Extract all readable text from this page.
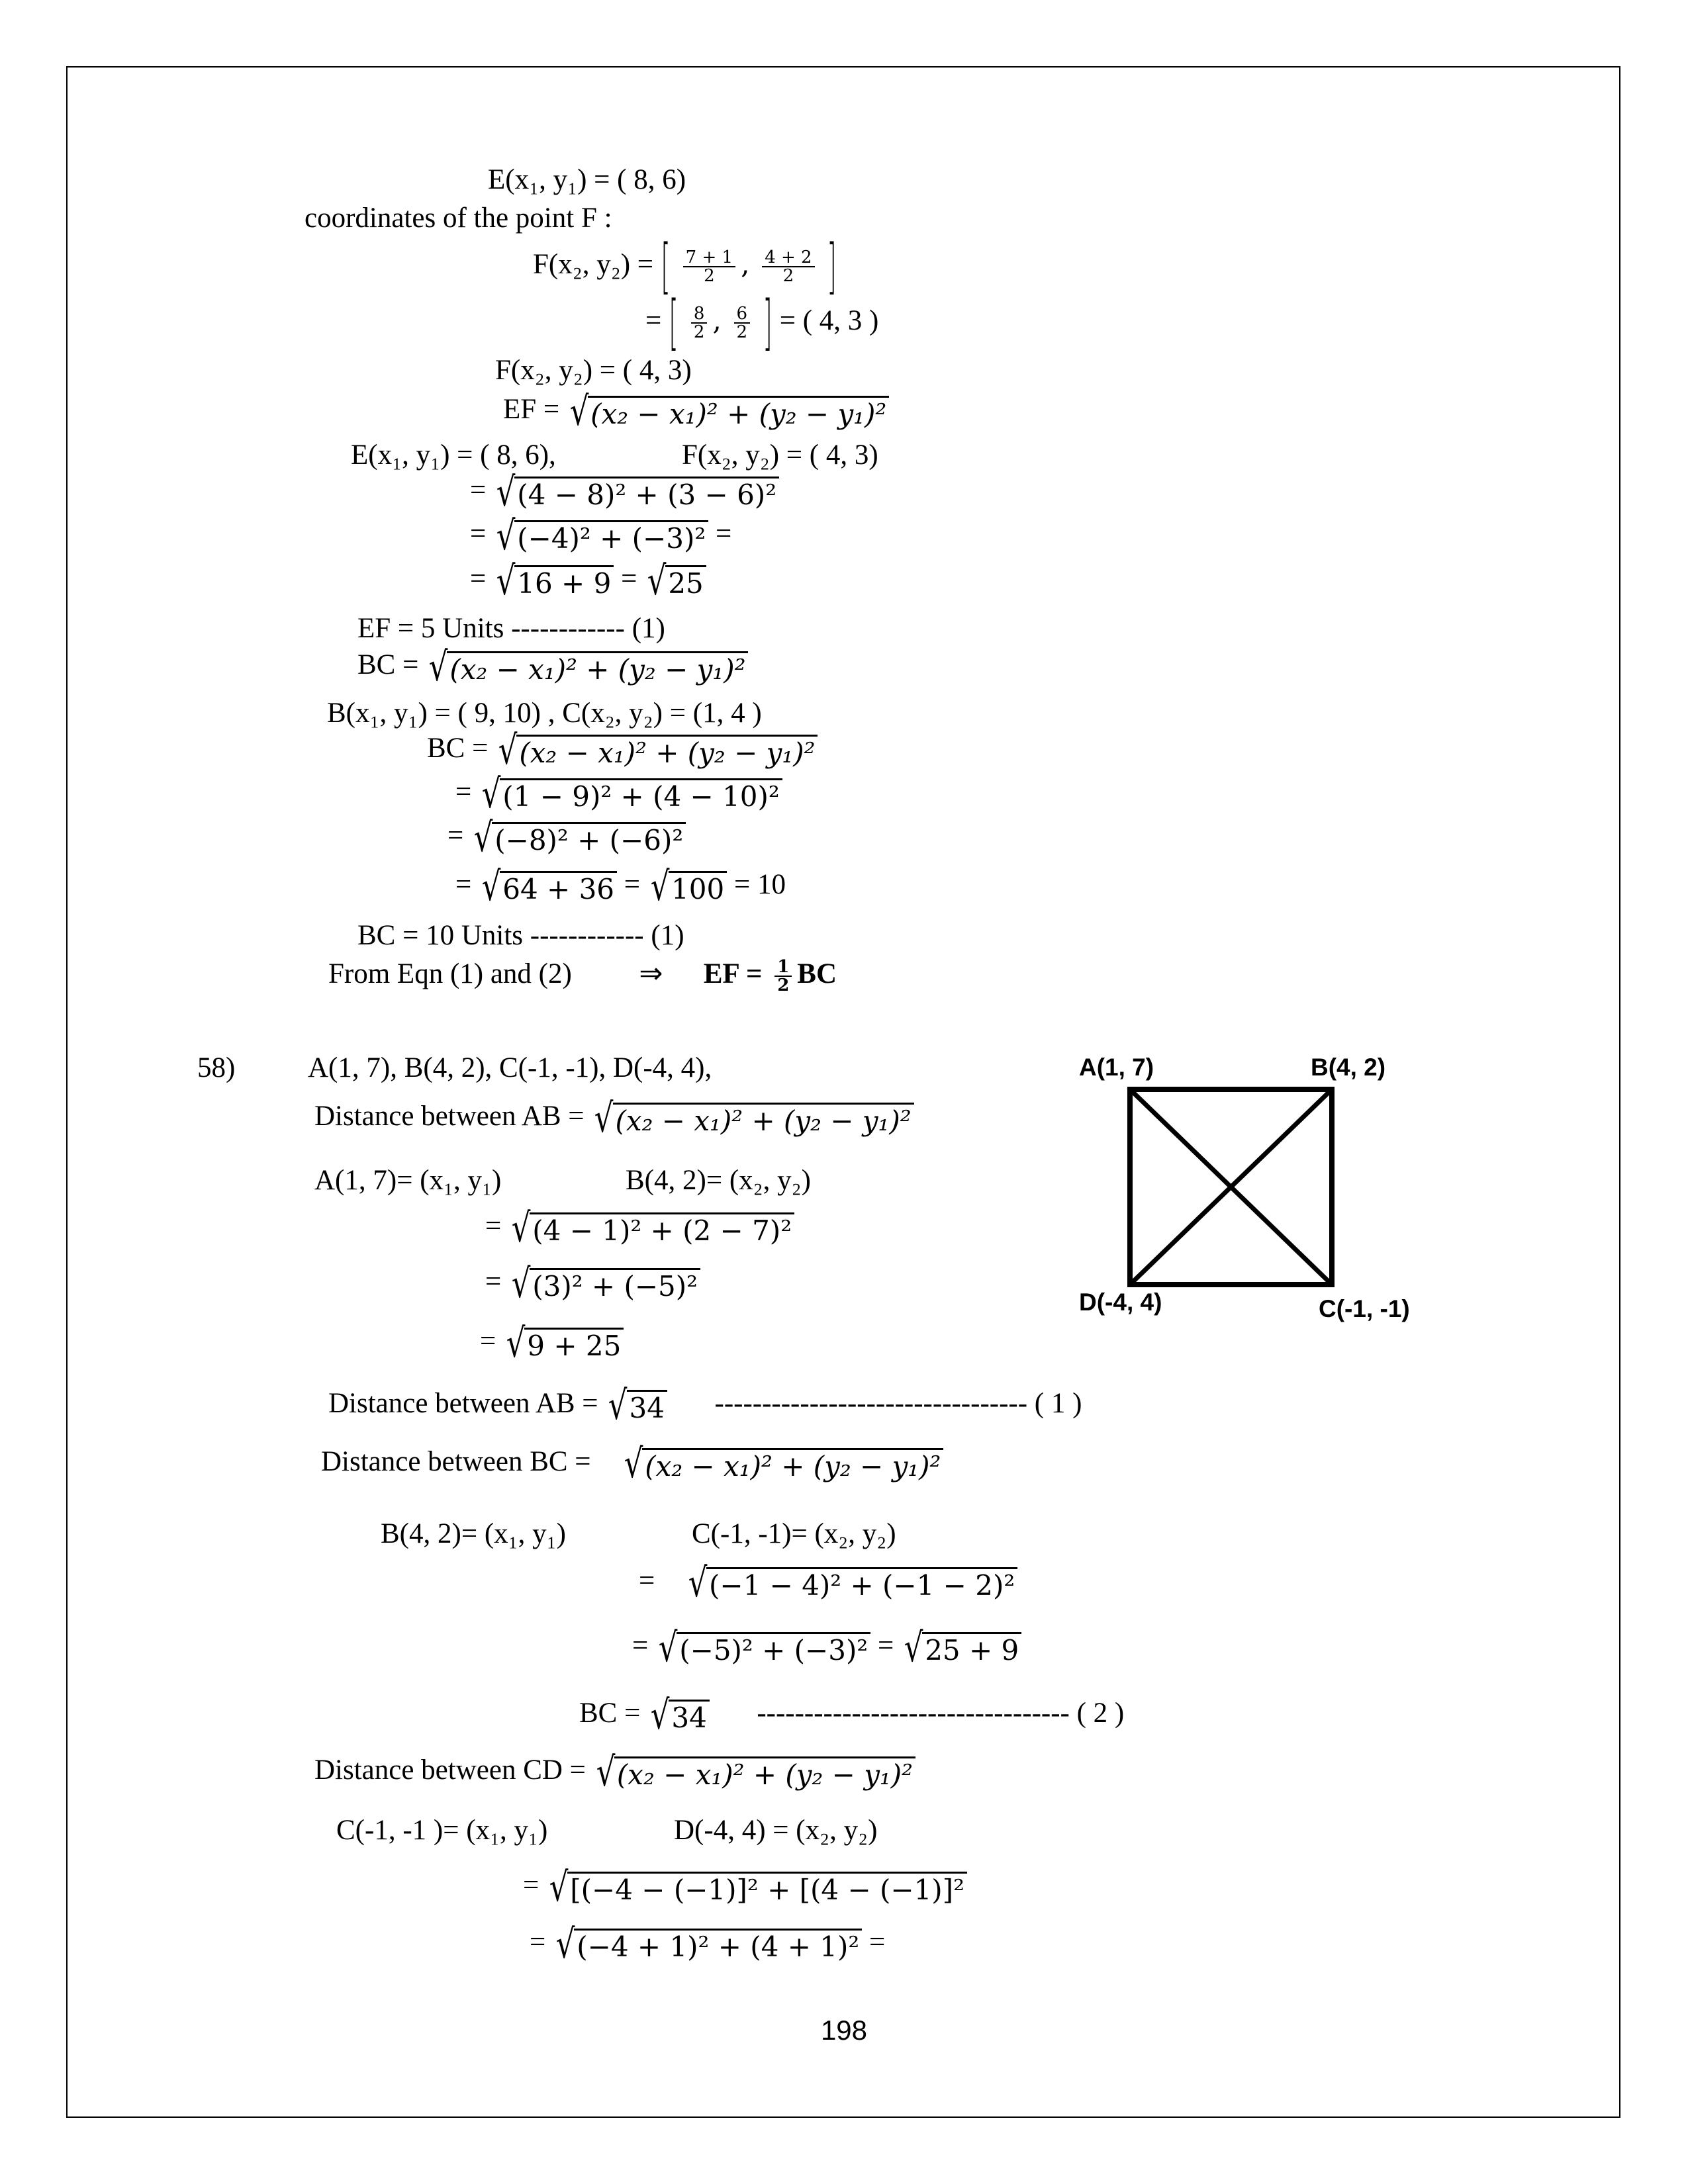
E(x₁, y₁) = ( 8, 6)
coordinates of the point F :
F(x₂, y₂) = [ $\frac{7 + 1}{2}$ , $\frac{4 + 2}{2}$ ]
= [ $\frac{8}{2}$ , $\frac{6}{2}$ ] = ( 4, 3 )
F(x₂, y₂) = ( 4, 3)
EF = √(x₂ − x₁)² + (y₂ − y₁)²
E(x₁, y₁) = ( 8, 6),	F(x₂, y₂) = ( 4, 3)
= √(4 − 8)² + (3 − 6)²
= √(−4)² + (−3)² =
= √16 + 9 = √25
EF = 5 Units ------------ (1)
BC = √(x₂ − x₁)² + (y₂ − y₁)²
B(x₁, y₁) = ( 9, 10) , C(x₂, y₂) = (1, 4 )
BC = √(x₂ − x₁)² + (y₂ − y₁)²
= √(1 − 9)² + (4 − 10)²
= √(−8)² + (−6)²
= √64 + 36 = √100 = 10
BC = 10 Units ------------ (1)
From Eqn (1) and (2) ⇒ EF = $\frac{1}{2}$ BC
58)	A(1, 7), B(4, 2), C(-1, -1), D(-4, 4),
Distance between AB = √(x₂ − x₁)² + (y₂ − y₁)²
A(1, 7)= (x₁, y₁)	B(4, 2)= (x₂, y₂)
= √(4 − 1)² + (2 − 7)²
= √(3)² + (−5)²
= √9 + 25
Distance between AB = √34 --------------------------------- ( 1 )
Distance between BC = √(x₂ − x₁)² + (y₂ − y₁)²
B(4, 2)= (x₁, y₁)	C(-1, -1)= (x₂, y₂)
= √(−1 − 4)² + (−1 − 2)²
= √(−5)² + (−3)² = √25 + 9
BC = √34 --------------------------------- ( 2 )
Distance between CD = √(x₂ − x₁)² + (y₂ − y₁)²
C(-1, -1 )= (x₁, y₁)	D(-4, 4) = (x₂, y₂)
= √[(−4 − (−1)]² + [(4 − (−1)]²
= √(−4 + 1)² + (4 + 1)² =
A(1, 7)	B(4, 2)
D(-4, 4)	C(-1, -1)
198
